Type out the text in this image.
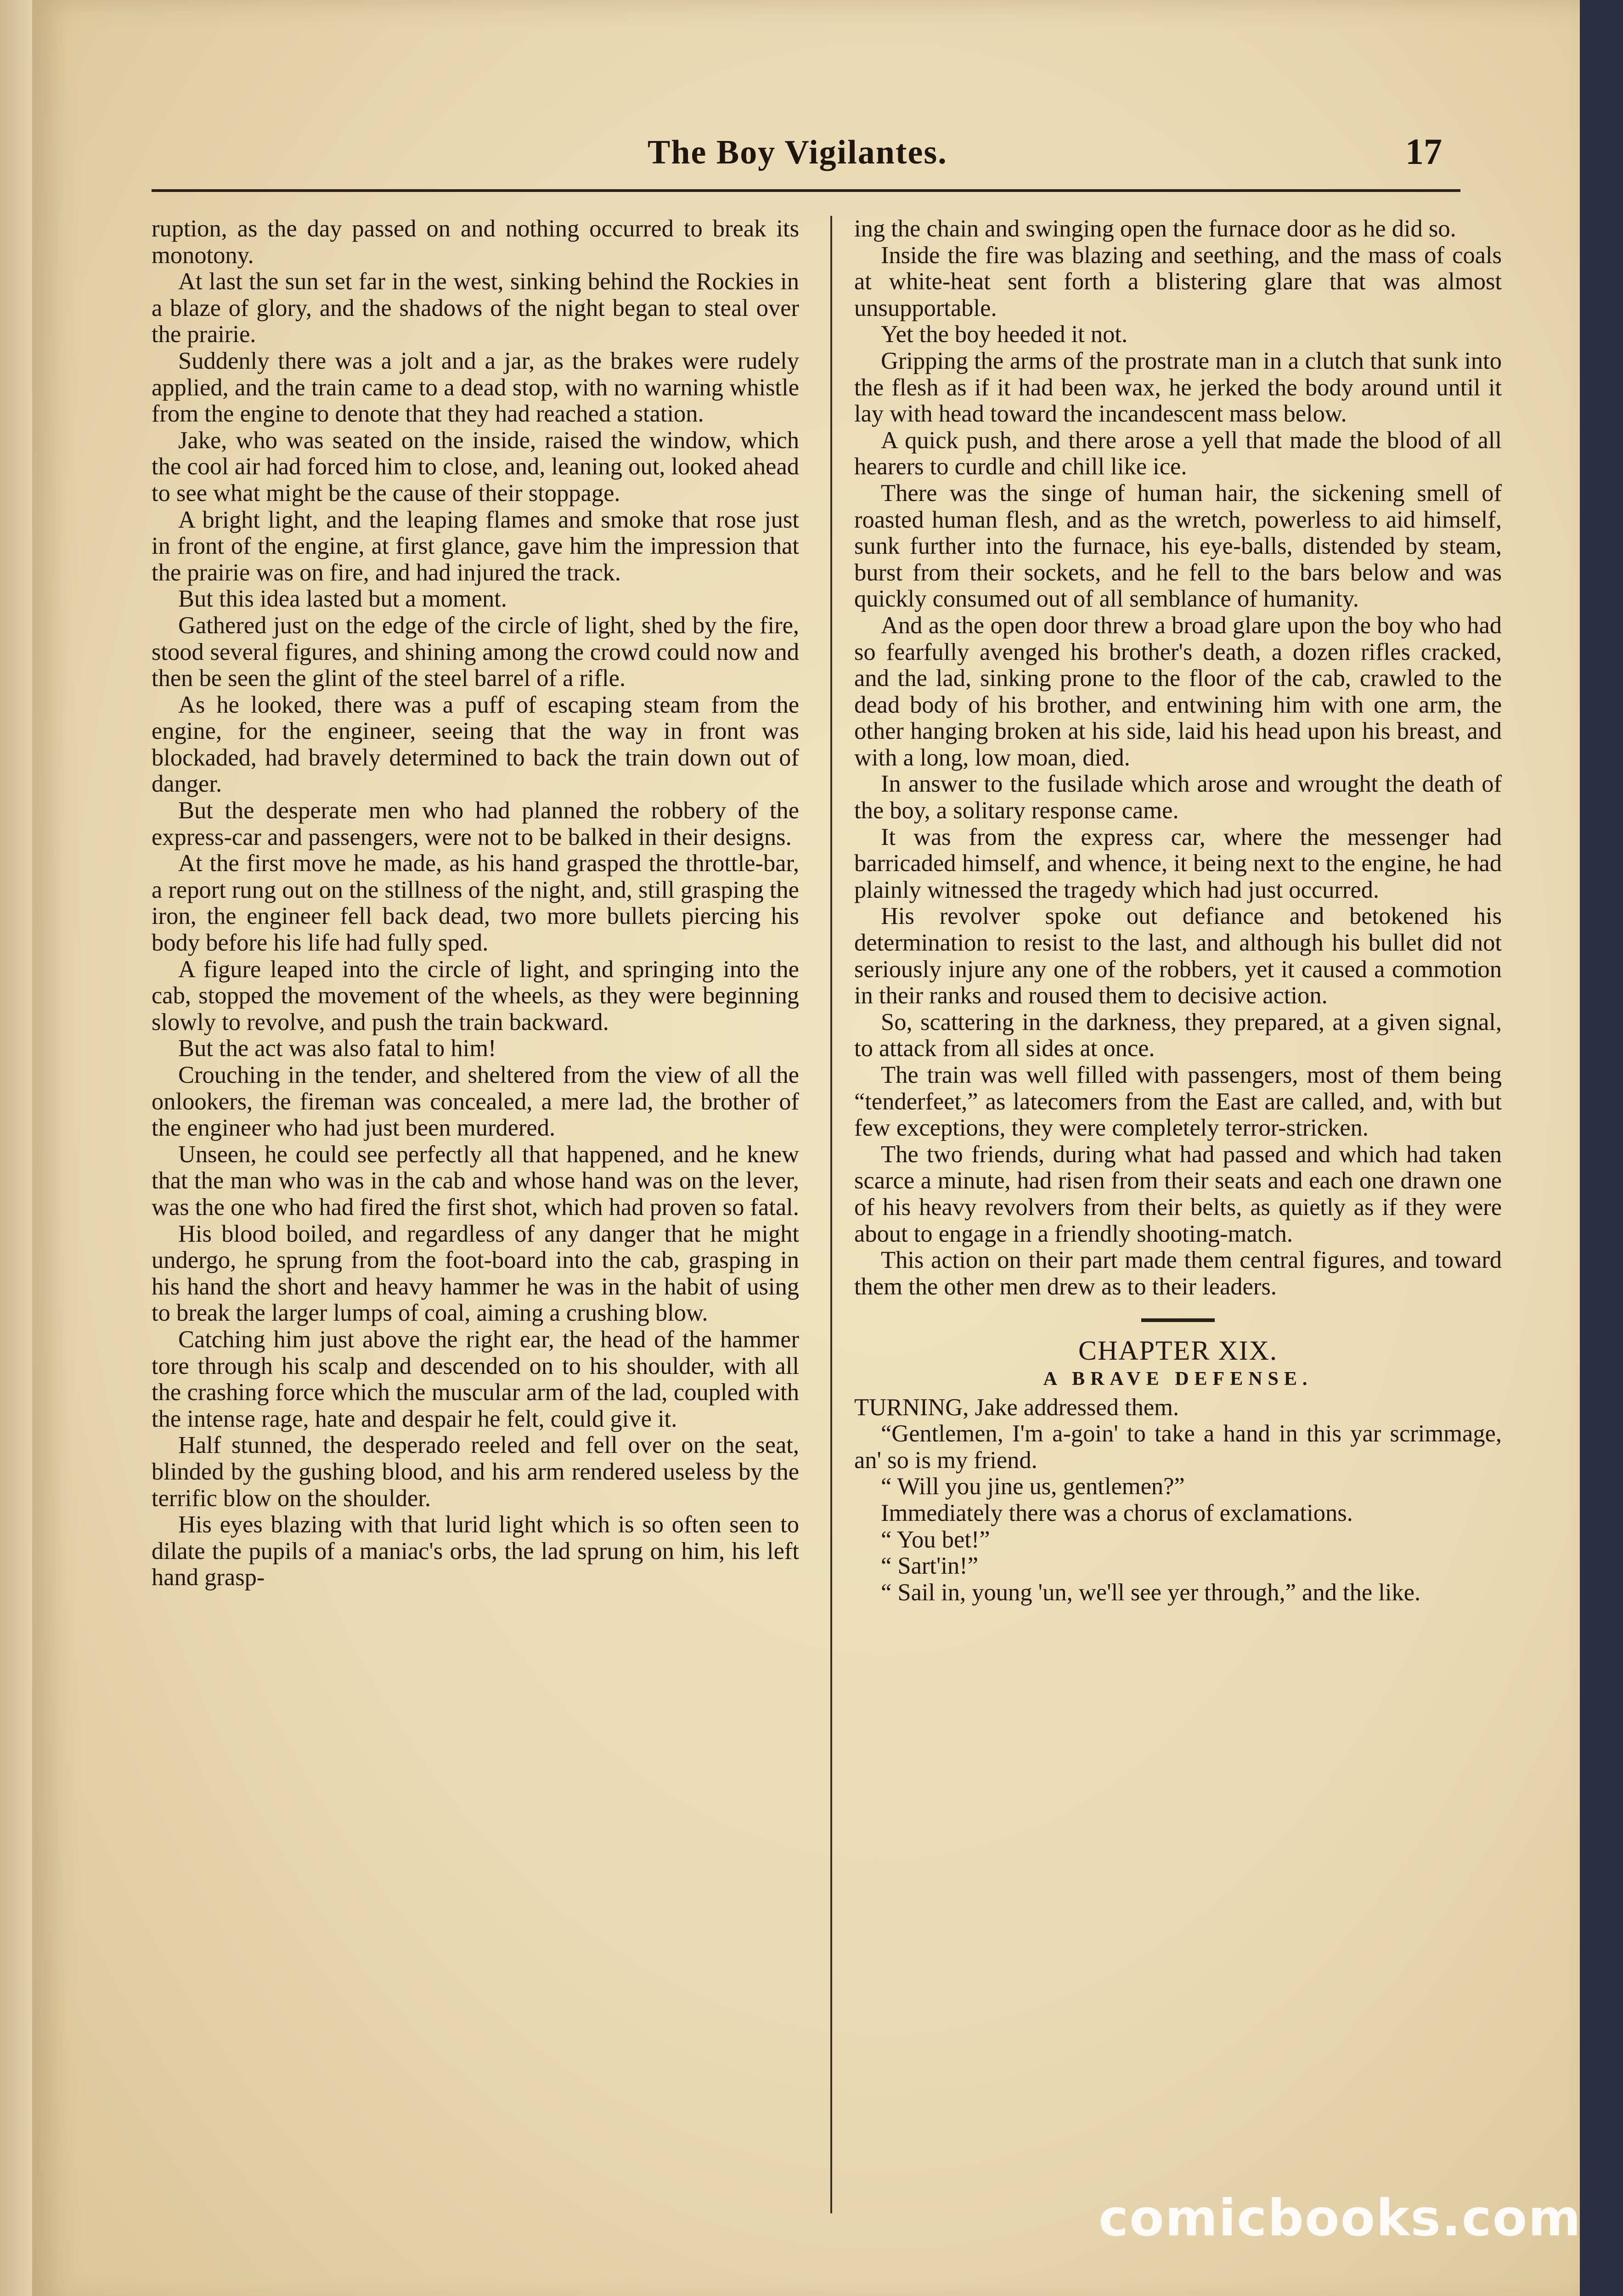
The Boy Vigilantes.	17

ruption, as the day passed on and nothing occurred to break its monotony.

At last the sun set far in the west, sinking behind the Rockies in a blaze of glory, and the shadows of the night began to steal over the prairie.

Suddenly there was a jolt and a jar, as the brakes were rudely applied, and the train came to a dead stop, with no warning whistle from the engine to denote that they had reached a station.

Jake, who was seated on the inside, raised the window, which the cool air had forced him to close, and, leaning out, looked ahead to see what might be the cause of their stoppage.

A bright light, and the leaping flames and smoke that rose just in front of the engine, at first glance, gave him the impression that the prairie was on fire, and had injured the track.

But this idea lasted but a moment.

Gathered just on the edge of the circle of light, shed by the fire, stood several figures, and shining among the crowd could now and then be seen the glint of the steel barrel of a rifle.

As he looked, there was a puff of escaping steam from the engine, for the engineer, seeing that the way in front was blockaded, had bravely determined to back the train down out of danger.

But the desperate men who had planned the robbery of the express-car and passengers, were not to be balked in their designs.

At the first move he made, as his hand grasped the throttle-bar, a report rung out on the stillness of the night, and, still grasping the iron, the engineer fell back dead, two more bullets piercing his body before his life had fully sped.

A figure leaped into the circle of light, and springing into the cab, stopped the movement of the wheels, as they were beginning slowly to revolve, and push the train backward.

But the act was also fatal to him!

Crouching in the tender, and sheltered from the view of all the onlookers, the fireman was concealed, a mere lad, the brother of the engineer who had just been murdered.

Unseen, he could see perfectly all that happened, and he knew that the man who was in the cab and whose hand was on the lever, was the one who had fired the first shot, which had proven so fatal.

His blood boiled, and regardless of any danger that he might undergo, he sprung from the foot-board into the cab, grasping in his hand the short and heavy hammer he was in the habit of using to break the larger lumps of coal, aiming a crushing blow.

Catching him just above the right ear, the head of the hammer tore through his scalp and descended on to his shoulder, with all the crashing force which the muscular arm of the lad, coupled with the intense rage, hate and despair he felt, could give it.

Half stunned, the desperado reeled and fell over on the seat, blinded by the gushing blood, and his arm rendered useless by the terrific blow on the shoulder.

His eyes blazing with that lurid light which is so often seen to dilate the pupils of a maniac's orbs, the lad sprung on him, his left hand grasp-

ing the chain and swinging open the furnace door as he did so.

Inside the fire was blazing and seething, and the mass of coals at white-heat sent forth a blistering glare that was almost unsupportable.

Yet the boy heeded it not.

Gripping the arms of the prostrate man in a clutch that sunk into the flesh as if it had been wax, he jerked the body around until it lay with head toward the incandescent mass below.

A quick push, and there arose a yell that made the blood of all hearers to curdle and chill like ice.

There was the singe of human hair, the sickening smell of roasted human flesh, and as the wretch, powerless to aid himself, sunk further into the furnace, his eye-balls, distended by steam, burst from their sockets, and he fell to the bars below and was quickly consumed out of all semblance of humanity.

And as the open door threw a broad glare upon the boy who had so fearfully avenged his brother's death, a dozen rifles cracked, and the lad, sinking prone to the floor of the cab, crawled to the dead body of his brother, and entwining him with one arm, the other hanging broken at his side, laid his head upon his breast, and with a long, low moan, died.

In answer to the fusilade which arose and wrought the death of the boy, a solitary response came.

It was from the express car, where the messenger had barricaded himself, and whence, it being next to the engine, he had plainly witnessed the tragedy which had just occurred.

His revolver spoke out defiance and betokened his determination to resist to the last, and although his bullet did not seriously injure any one of the robbers, yet it caused a commotion in their ranks and roused them to decisive action.

So, scattering in the darkness, they prepared, at a given signal, to attack from all sides at once.

The train was well filled with passengers, most of them being “tenderfeet,” as latecomers from the East are called, and, with but few exceptions, they were completely terror-stricken.

The two friends, during what had passed and which had taken scarce a minute, had risen from their seats and each one drawn one of his heavy revolvers from their belts, as quietly as if they were about to engage in a friendly shooting-match.

This action on their part made them central figures, and toward them the other men drew as to their leaders.

CHAPTER XIX.
A BRAVE DEFENSE.

TURNING, Jake addressed them.

“Gentlemen, I'm a-goin' to take a hand in this yar scrimmage, an' so is my friend.

“ Will you jine us, gentlemen?”

Immediately there was a chorus of exclamations.

“ You bet!”

“ Sart'in!”

“ Sail in, young 'un, we'll see yer through,” and the like.

comicbooks.com
